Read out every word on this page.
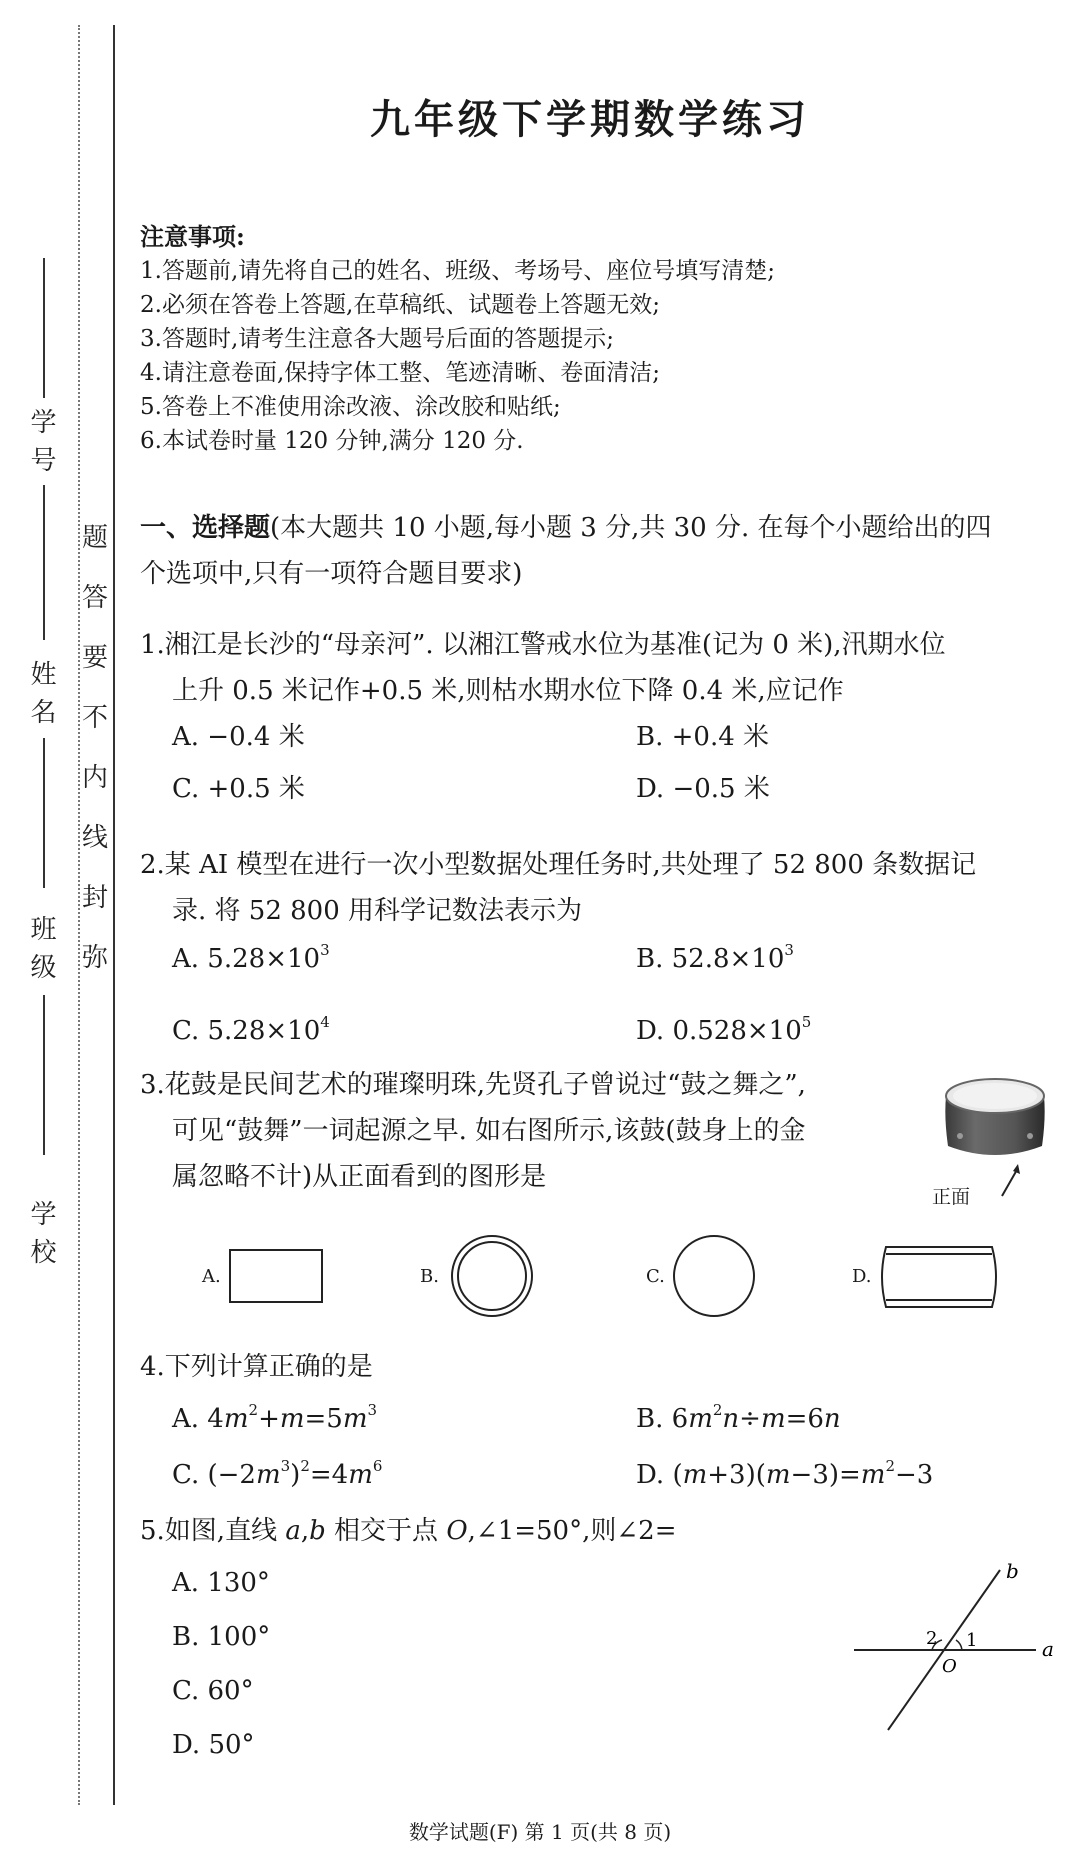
题
答
要
不
内
线
封
弥
学号
姓名
班级
学校
九年级下学期数学练习
注意事项:
1.答题前,请先将自己的姓名、班级、考场号、座位号填写清楚;
2.必须在答卷上答题,在草稿纸、试题卷上答题无效;
3.答题时,请考生注意各大题号后面的答题提示;
4.请注意卷面,保持字体工整、笔迹清晰、卷面清洁;
5.答卷上不准使用涂改液、涂改胶和贴纸;
6.本试卷时量 120 分钟,满分 120 分.
一、选择题(本大题共 10 小题,每小题 3 分,共 30 分. 在每个小题给出的四
个选项中,只有一项符合题目要求)
1.湘江是长沙的“母亲河”. 以湘江警戒水位为基准(记为 0 米),汛期水位
上升 0.5 米记作+0.5 米,则枯水期水位下降 0.4 米,应记作
A. −0.4 米	B. +0.4 米
C. +0.5 米	D. −0.5 米
2.某 AI 模型在进行一次小型数据处理任务时,共处理了 52 800 条数据记
录. 将 52 800 用科学记数法表示为
A. $5.28\times 10^3$	B. $52.8\times 10^3$
C. $5.28\times 10^4$	D. $0.528\times 10^5$
3.花鼓是民间艺术的璀璨明珠,先贤孔子曾说过“鼓之舞之”,
可见“鼓舞”一词起源之早. 如右图所示,该鼓(鼓身上的金
属忽略不计)从正面看到的图形是
正面
A.	B.	C.	D.
4.下列计算正确的是
A. $4m^2+m=5m^3$	B. $6m^2n\div m=6n$
C. $(-2m^3)^2=4m^6$	D. $(m+3)(m-3)=m^2-3$
5.如图,直线 a,b 相交于点 O,∠1=50°,则∠2=
A. 130°
B. 100°
C. 60°
D. 50°
b
a
1
2
O
数学试题(F) 第 1 页(共 8 页)
